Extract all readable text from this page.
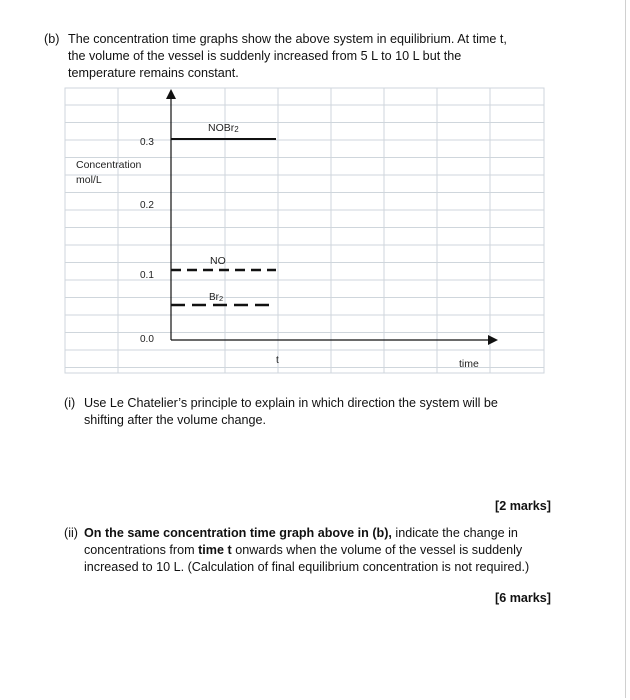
(b) The concentration time graphs show the above system in equilibrium. At time t,
the volume of the vessel is suddenly increased from 5 L to 10 L but the
temperature remains constant.
0.3
0.2
0.1
0.0
Concentration
mol/L
time
t
NOBr2
NO
Br2
(i) Use Le Chatelier’s principle to explain in which direction the system will be
shifting after the volume change.
[2 marks]
(ii) On the same concentration time graph above in (b), indicate the change in
concentrations from time t onwards when the volume of the vessel is suddenly
increased to 10 L. (Calculation of final equilibrium concentration is not required.)
[6 marks]
